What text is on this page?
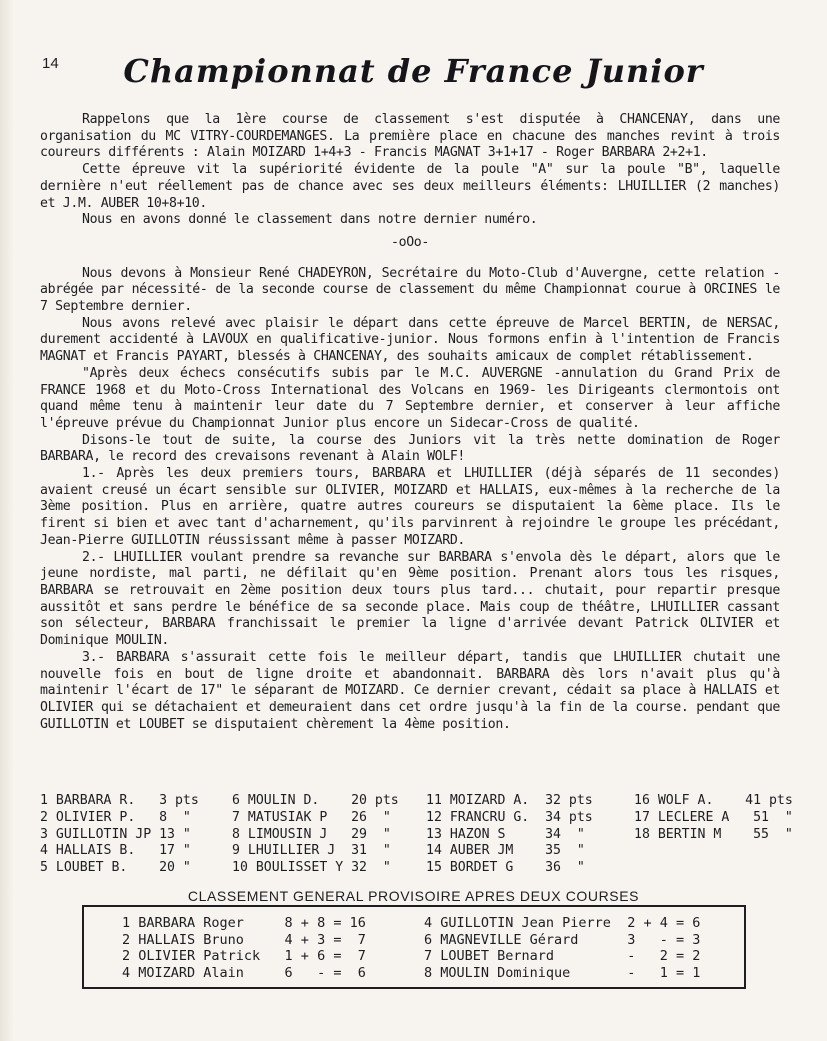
14	Championnat de France Junior

Rappelons que la 1ère course de classement s'est disputée à CHANCENAY, dans une organisation du MC VITRY-COURDEMANGES. La première place en chacune des manches revint à trois coureurs différents : Alain MOIZARD 1+4+3 - Francis MAGNAT 3+1+17 - Roger BARBARA 2+2+1.

Cette épreuve vit la supériorité évidente de la poule "A" sur la poule "B", laquelle dernière n'eut réellement pas de chance avec ses deux meilleurs éléments: LHUILLIER (2 manches) et J.M. AUBER 10+8+10.

Nous en avons donné le classement dans notre dernier numéro.

-oOo-

Nous devons à Monsieur René CHADEYRON, Secrétaire du Moto-Club d'Auvergne, cette relation -abrégée par nécessité- de la seconde course de classement du même Championnat courue à ORCINES le 7 Septembre dernier.

Nous avons relevé avec plaisir le départ dans cette épreuve de Marcel BERTIN, de NERSAC, durement accidenté à LAVOUX en qualificative-junior. Nous formons enfin à l'intention de Francis MAGNAT et Francis PAYART, blessés à CHANCENAY, des souhaits amicaux de complet rétablissement.

"Après deux échecs consécutifs subis par le M.C. AUVERGNE -annulation du Grand Prix de FRANCE 1968 et du Moto-Cross International des Volcans en 1969- les Dirigeants clermontois ont quand même tenu à maintenir leur date du 7 Septembre dernier, et conserver à leur affiche l'épreuve prévue du Championnat Junior plus encore un Sidecar-Cross de qualité.

Disons-le tout de suite, la course des Juniors vit la très nette domination de Roger BARBARA, le record des crevaisons revenant à Alain WOLF!

1.- Après les deux premiers tours, BARBARA et LHUILLIER (déjà séparés de 11 secondes) avaient creusé un écart sensible sur OLIVIER, MOIZARD et HALLAIS, eux-mêmes à la recherche de la 3ème position. Plus en arrière, quatre autres coureurs se disputaient la 6ème place. Ils le firent si bien et avec tant d'acharnement, qu'ils parvinrent à rejoindre le groupe les précédant, Jean-Pierre GUILLOTIN réussissant même à passer MOIZARD.

2.- LHUILLIER voulant prendre sa revanche sur BARBARA s'envola dès le départ, alors que le jeune nordiste, mal parti, ne défilait qu'en 9ème position. Prenant alors tous les risques, BARBARA se retrouvait en 2ème position deux tours plus tard... chutait, pour repartir presque aussitôt et sans perdre le bénéfice de sa seconde place. Mais coup de théâtre, LHUILLIER cassant son sélecteur, BARBARA franchissait le premier la ligne d'arrivée devant Patrick OLIVIER et Dominique MOULIN.

3.- BARBARA s'assurait cette fois le meilleur départ, tandis que LHUILLIER chutait une nouvelle fois en bout de ligne droite et abandonnait. BARBARA dès lors n'avait plus qu'à maintenir l'écart de 17" le séparant de MOIZARD. Ce dernier crevant, cédait sa place à HALLAIS et OLIVIER qui se détachaient et demeuraient dans cet ordre jusqu'à la fin de la course. pendant que GUILLOTIN et LOUBET se disputaient chèrement la 4ème position.

1 BARBARA R.   3 pts
2 OLIVIER P.   8  "
3 GUILLOTIN JP 13 "
4 HALLAIS B.   17 "
5 LOUBET B.    20 "
6 MOULIN D.    20 pts
7 MATUSIAK P   26  "
8 LIMOUSIN J   29  "
9 LHUILLIER J  31  "
10 BOULISSET Y 32  "
11 MOIZARD A.  32 pts
12 FRANCRU G.  34 pts
13 HAZON S     34  "
14 AUBER JM    35  "
15 BORDET G    36  "
16 WOLF A.    41 pts
17 LECLERE A   51  "
18 BERTIN M    55  "
CLASSEMENT GENERAL PROVISOIRE APRES DEUX COURSES
1 BARBARA Roger     8 + 8 = 16
2 HALLAIS Bruno     4 + 3 =  7
2 OLIVIER Patrick   1 + 6 =  7
4 MOIZARD Alain     6   - =  6
4 GUILLOTIN Jean Pierre  2 + 4 = 6
6 MAGNEVILLE Gérard      3   - = 3
7 LOUBET Bernard         -   2 = 2
8 MOULIN Dominique       -   1 = 1
